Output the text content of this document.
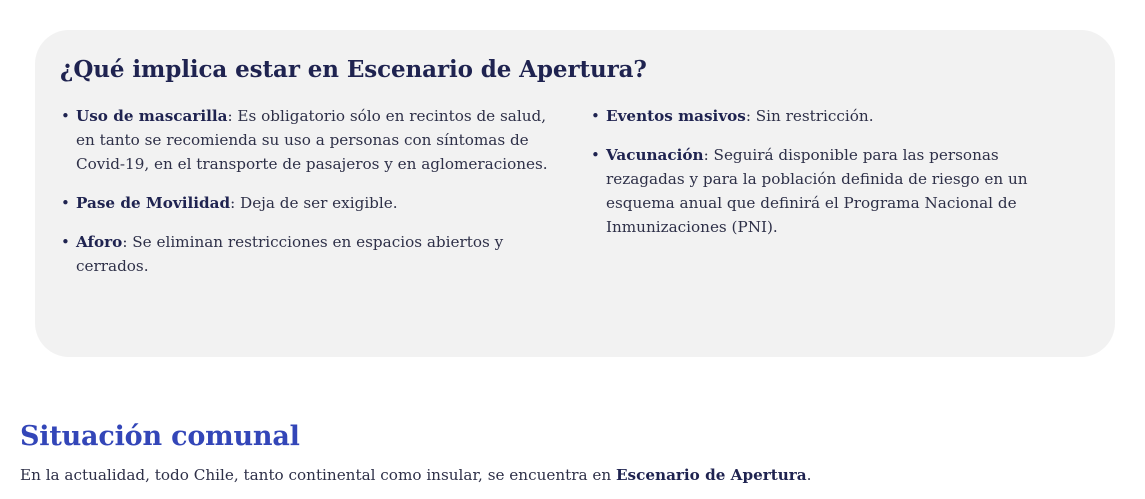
¿Qué implica estar en Escenario de Apertura?
• Uso de mascarilla: Es obligatorio sólo en recintos de salud, en tanto se recomienda su uso a personas con síntomas de Covid-19, en el transporte de pasajeros y en aglomeraciones.
• Pase de Movilidad: Deja de ser exigible.
• Aforo: Se eliminan restricciones en espacios abiertos y cerrados.
• Eventos masivos: Sin restricción.
• Vacunación: Seguirá disponible para las personas rezagadas y para la población definida de riesgo en un esquema anual que definirá el Programa Nacional de Inmunizaciones (PNI).
Situación comunal

En la actualidad, todo Chile, tanto continental como insular, se encuentra en Escenario de Apertura.
